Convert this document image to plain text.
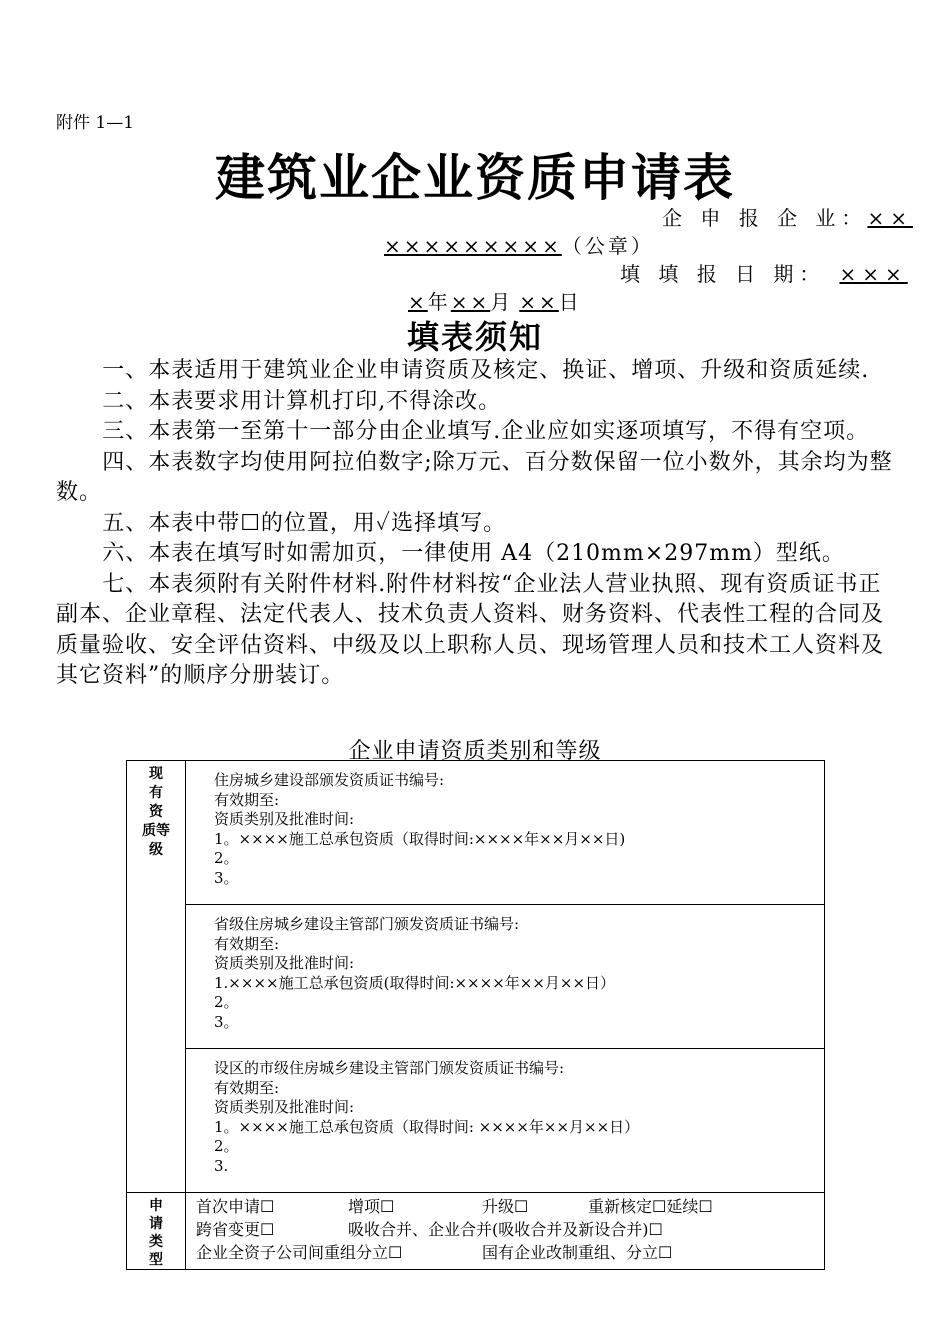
附件 1—1
建筑业企业资质申请表
企 申 报 企 业：××
×××××××××（公章）
填 填 报 日 期： ×××
×年××月 ××日
填表须知

一、本表适用于建筑业企业申请资质及核定、换证、增项、升级和资质延续.

二、本表要求用计算机打印,不得涂改。

三、本表第一至第十一部分由企业填写.企业应如实逐项填写，不得有空项。

四、本表数字均使用阿拉伯数字;除万元、百分数保留一位小数外，其余均为整数。

五、本表中带☐的位置，用✓选择填写。

六、本表在填写时如需加页，一律使用 A4（210mm×297mm）型纸。

七、本表须附有关附件材料.附件材料按“企业法人营业执照、现有资质证书正副本、企业章程、法定代表人、技术负责人资料、财务资料、代表性工程的合同及质量验收、安全评估资料、中级及以上职称人员、现场管理人员和技术工人资料及其它资料”的顺序分册装订。

企业申请资质类别和等级
现
有
资
质等
级
住房城乡建设部颁发资质证书编号:
有效期至:
资质类别及批准时间:
1。××××施工总承包资质（取得时间:××××年××月××日)
2。
3。
省级住房城乡建设主管部门颁发资质证书编号:
有效期至:
资质类别及批准时间:
1.××××施工总承包资质(取得时间:××××年××月××日）
2。
3。
设区的市级住房城乡建设主管部门颁发资质证书编号:
有效期至:
资质类别及批准时间:
1。××××施工总承包资质（取得时间: ××××年××月××日）
2。
3.
申
请
类
型
首次申请☐	增项☐	升级☐	重新核定☐延续☐
跨省变更☐	吸收合并、企业合并(吸收合并及新设合并)☐
企业全资子公司间重组分立☐	国有企业改制重组、分立☐
